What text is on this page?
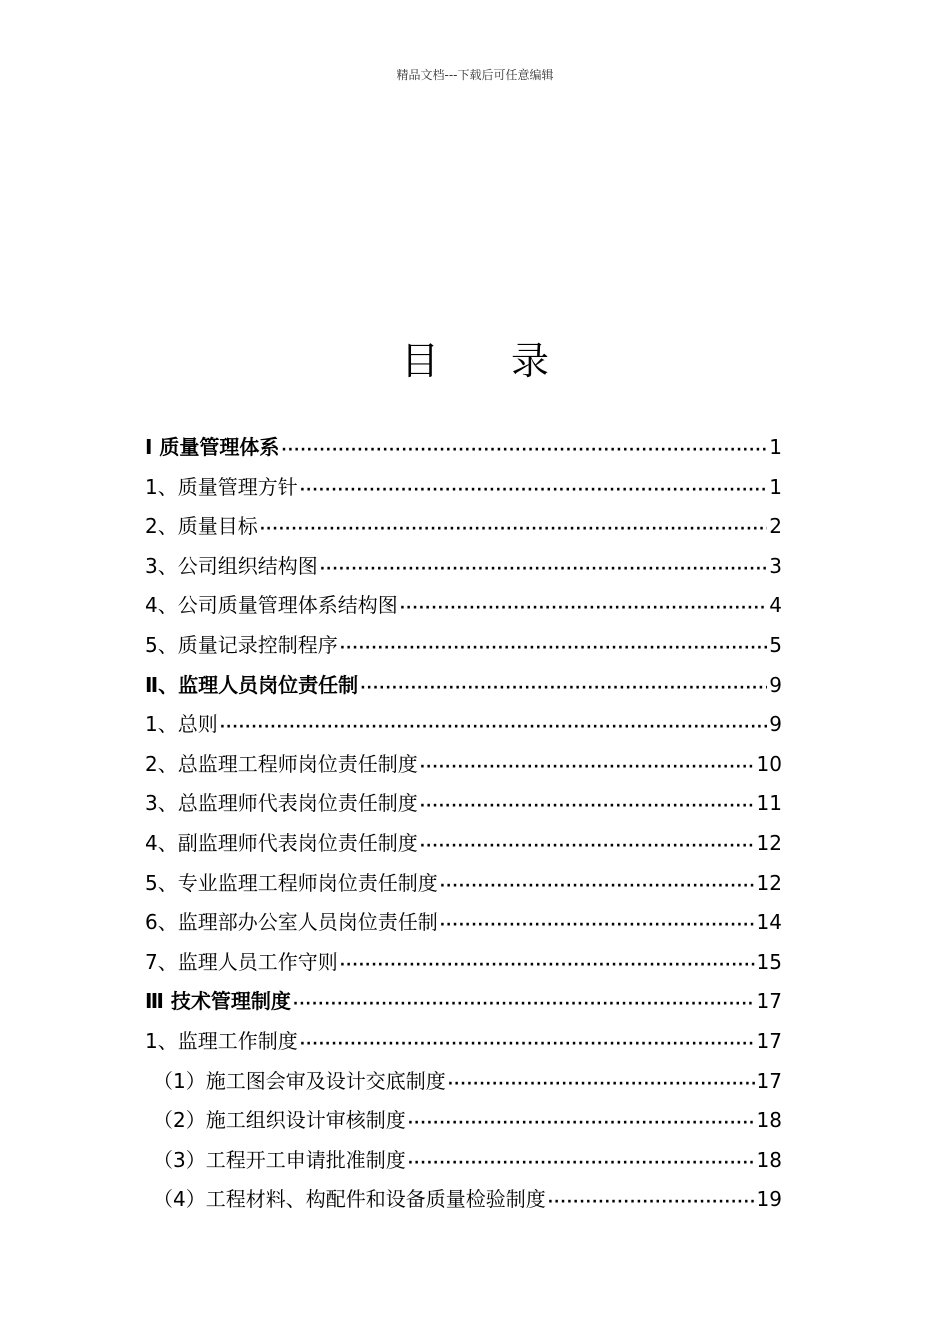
精品文档---下载后可任意编辑
目 录
Ⅰ 质量管理体系 ·····	1
1、质量管理方针 ·····	1
2、质量目标 ·····	2
3、公司组织结构图 ·····	3
4、公司质量管理体系结构图 ·····	4
5、质量记录控制程序 ·····	5
Ⅱ、监理人员岗位责任制 ·····	9
1、总则 ·····	9
2、总监理工程师岗位责任制度 ·····	10
3、总监理师代表岗位责任制度 ·····	11
4、副监理师代表岗位责任制度 ·····	12
5、专业监理工程师岗位责任制度 ·····	12
6、监理部办公室人员岗位责任制 ·····	14
7、监理人员工作守则 ·····	15
Ⅲ 技术管理制度 ·····	17
1、监理工作制度 ·····	17
（1）施工图会审及设计交底制度 ·····	17
（2）施工组织设计审核制度 ·····	18
（3）工程开工申请批准制度 ·····	18
（4）工程材料、构配件和设备质量检验制度 ·····	19
